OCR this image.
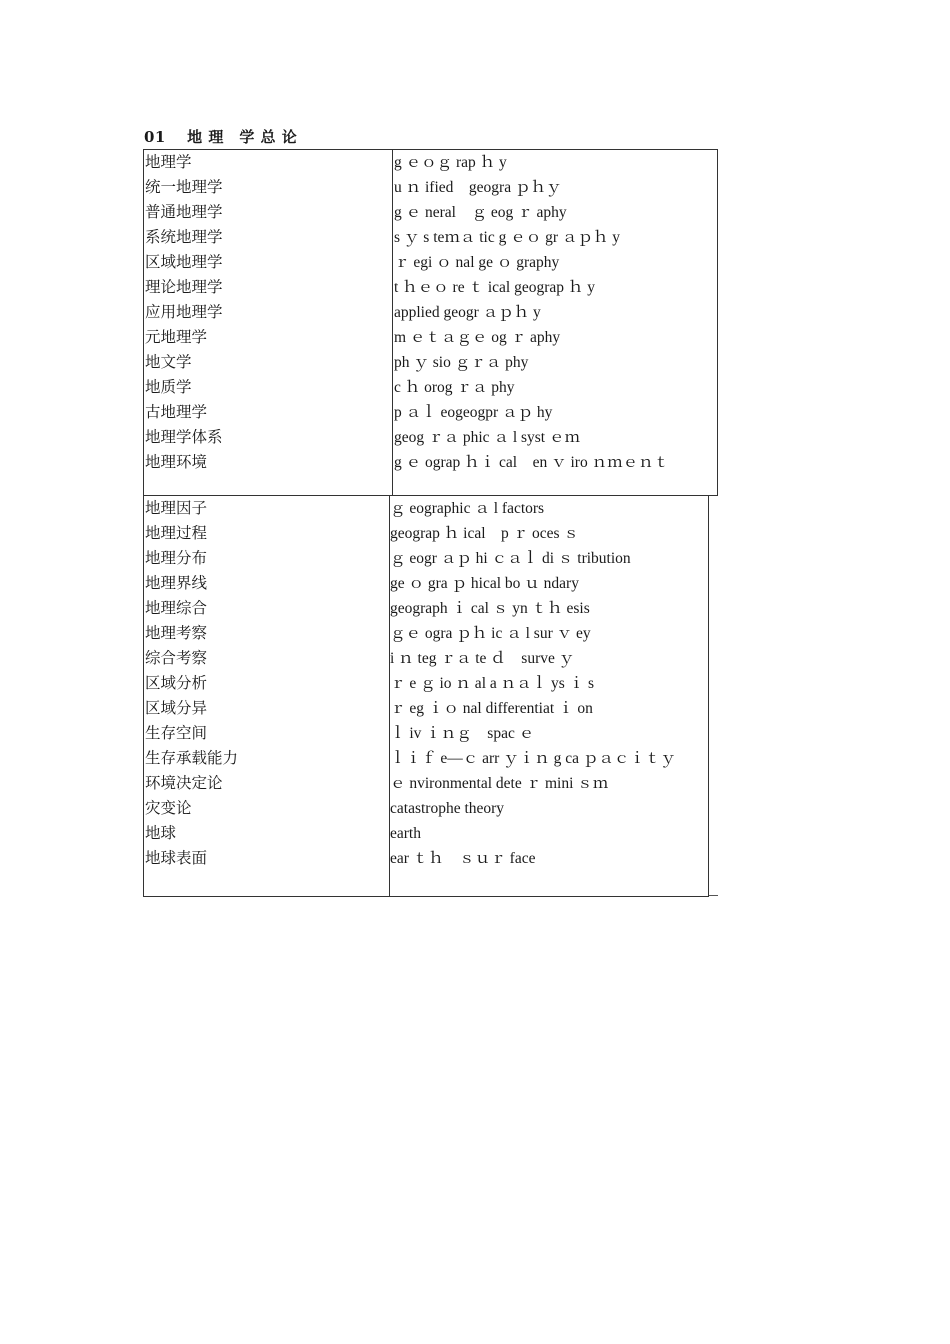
01　 地 理　学 总 论
地理学
统一地理学
普通地理学
系统地理学
区域地理学
理论地理学
应用地理学
元地理学
地文学
地质学
古地理学
地理学体系
地理环境
g ｅｏｇ rap ｈ y
u ｎ ified　geogra ｐｈｙ
g ｅ neral　ｇ eog ｒ aphy
s ｙ s teｍａ tic g ｅｏ gr ａｐｈ y
ｒ egi ｏ nal ge ｏ graphy
t ｈｅｏ re ｔ ical geograp ｈ y
applied geogr ａｐｈ y
m ｅｔａｇｅ og ｒ aphy
ph ｙ sio ｇｒａ phy
c ｈ orog ｒａ phy
p ａｌ eogeogpr ａｐ hy
geog ｒａ phic ａ l syst ｅｍ
g ｅ ograp ｈｉ cal　en ｖ iro ｎｍｅｎｔ
地理因子
地理过程
地理分布
地理界线
地理综合
地理考察
综合考察
区域分析
区域分异
生存空间
生存承载能力
环境决定论
灾变论
地球
地球表面
ｇ eographic ａ l factors
geograp ｈ ical　p ｒ oces ｓ
ｇ eogr ａｐ hi ｃａｌ di ｓ tribution
ge ｏ gra ｐ hical bo ｕ ndary
geograph ｉ cal ｓ yn ｔｈ esis
ｇｅ ogra ｐｈ ic ａ l sur ｖ ey
i ｎ teg ｒａ te ｄ　surve ｙ
ｒ e ｇ io ｎ al a ｎａｌ ys ｉ s
ｒ eg ｉｏ nal differentiat ｉ on
ｌ iv ｉｎｇ　spac ｅ
ｌｉｆ e—ｃ arr ｙｉｎ g ca ｐａｃｉｔｙ
ｅ nvironmental dete ｒ mini ｓｍ
catastrophe theory
earth
ear ｔｈ　ｓｕｒ face
